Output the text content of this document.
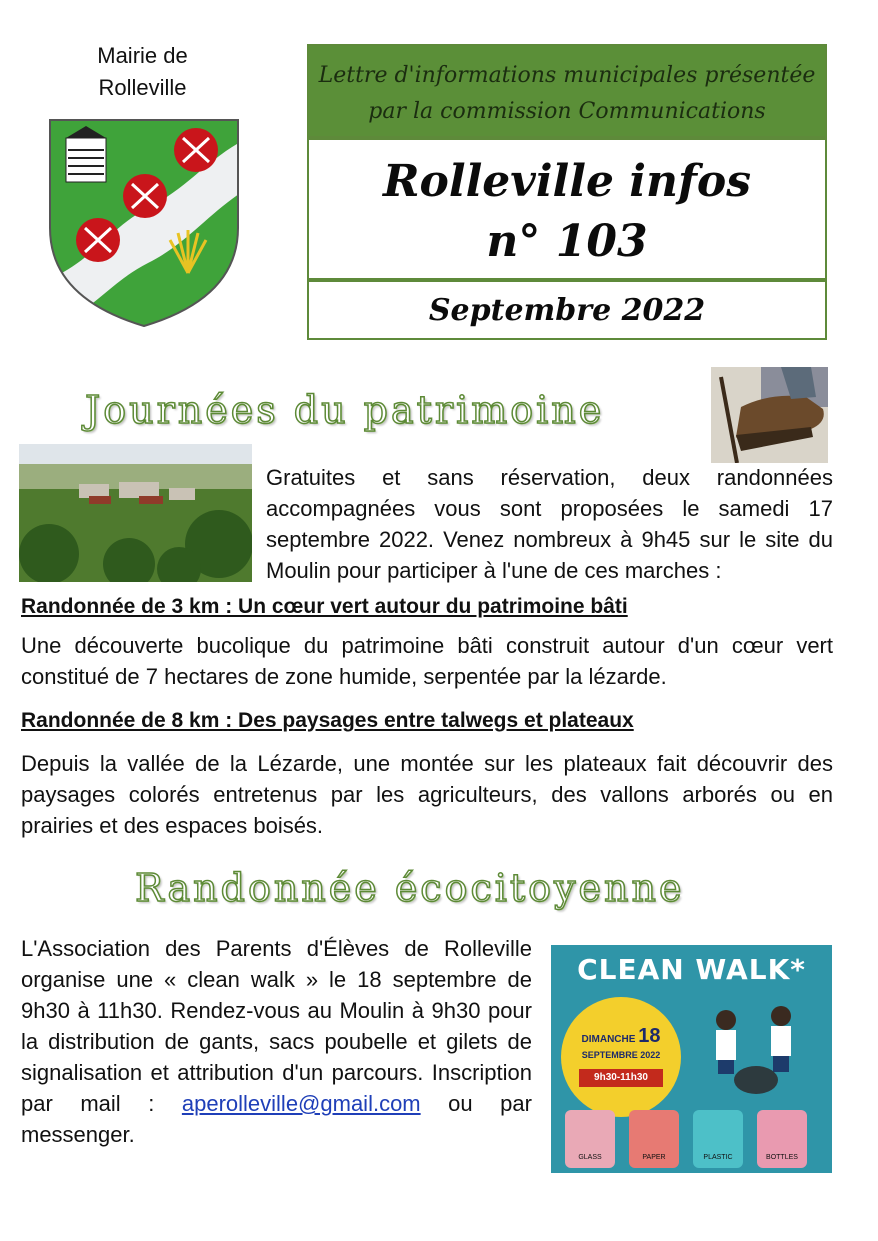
Mairie de
Rolleville	Lettre d'informations municipales présentée
par la commission Communications
Rolleville infos
n° 103
Septembre 2022
Journées du patrimoine
Gratuites et sans réservation, deux randonnées accompagnées vous sont proposées le samedi 17 septembre 2022. Venez nombreux à 9h45 sur le site du Moulin pour participer à l'une de ces marches :
Randonnée de 3 km : Un cœur vert autour du patrimoine bâti
Une découverte bucolique du patrimoine bâti construit autour d'un cœur vert constitué de 7 hectares de zone humide, serpentée par la lézarde.
Randonnée de 8 km : Des paysages entre talwegs et plateaux
Depuis la vallée de la Lézarde, une montée sur les plateaux fait découvrir des paysages colorés entretenus par les agriculteurs, des vallons arborés ou en prairies et des espaces boisés.
Randonnée écocitoyenne
L'Association des Parents d'Élèves de Rolleville organise une « clean walk » le 18 septembre de 9h30 à 11h30. Rendez-vous au Moulin à 9h30 pour la distribution de gants, sacs poubelle et gilets de signalisation et attribution d'un parcours. Inscription par mail : aperolleville@gmail.com ou par messenger.
CLEAN WALK*
DIMANCHE 18
SEPTEMBRE 2022
9h30-11h30
GLASS	PAPER	PLASTIC	BOTTLES
